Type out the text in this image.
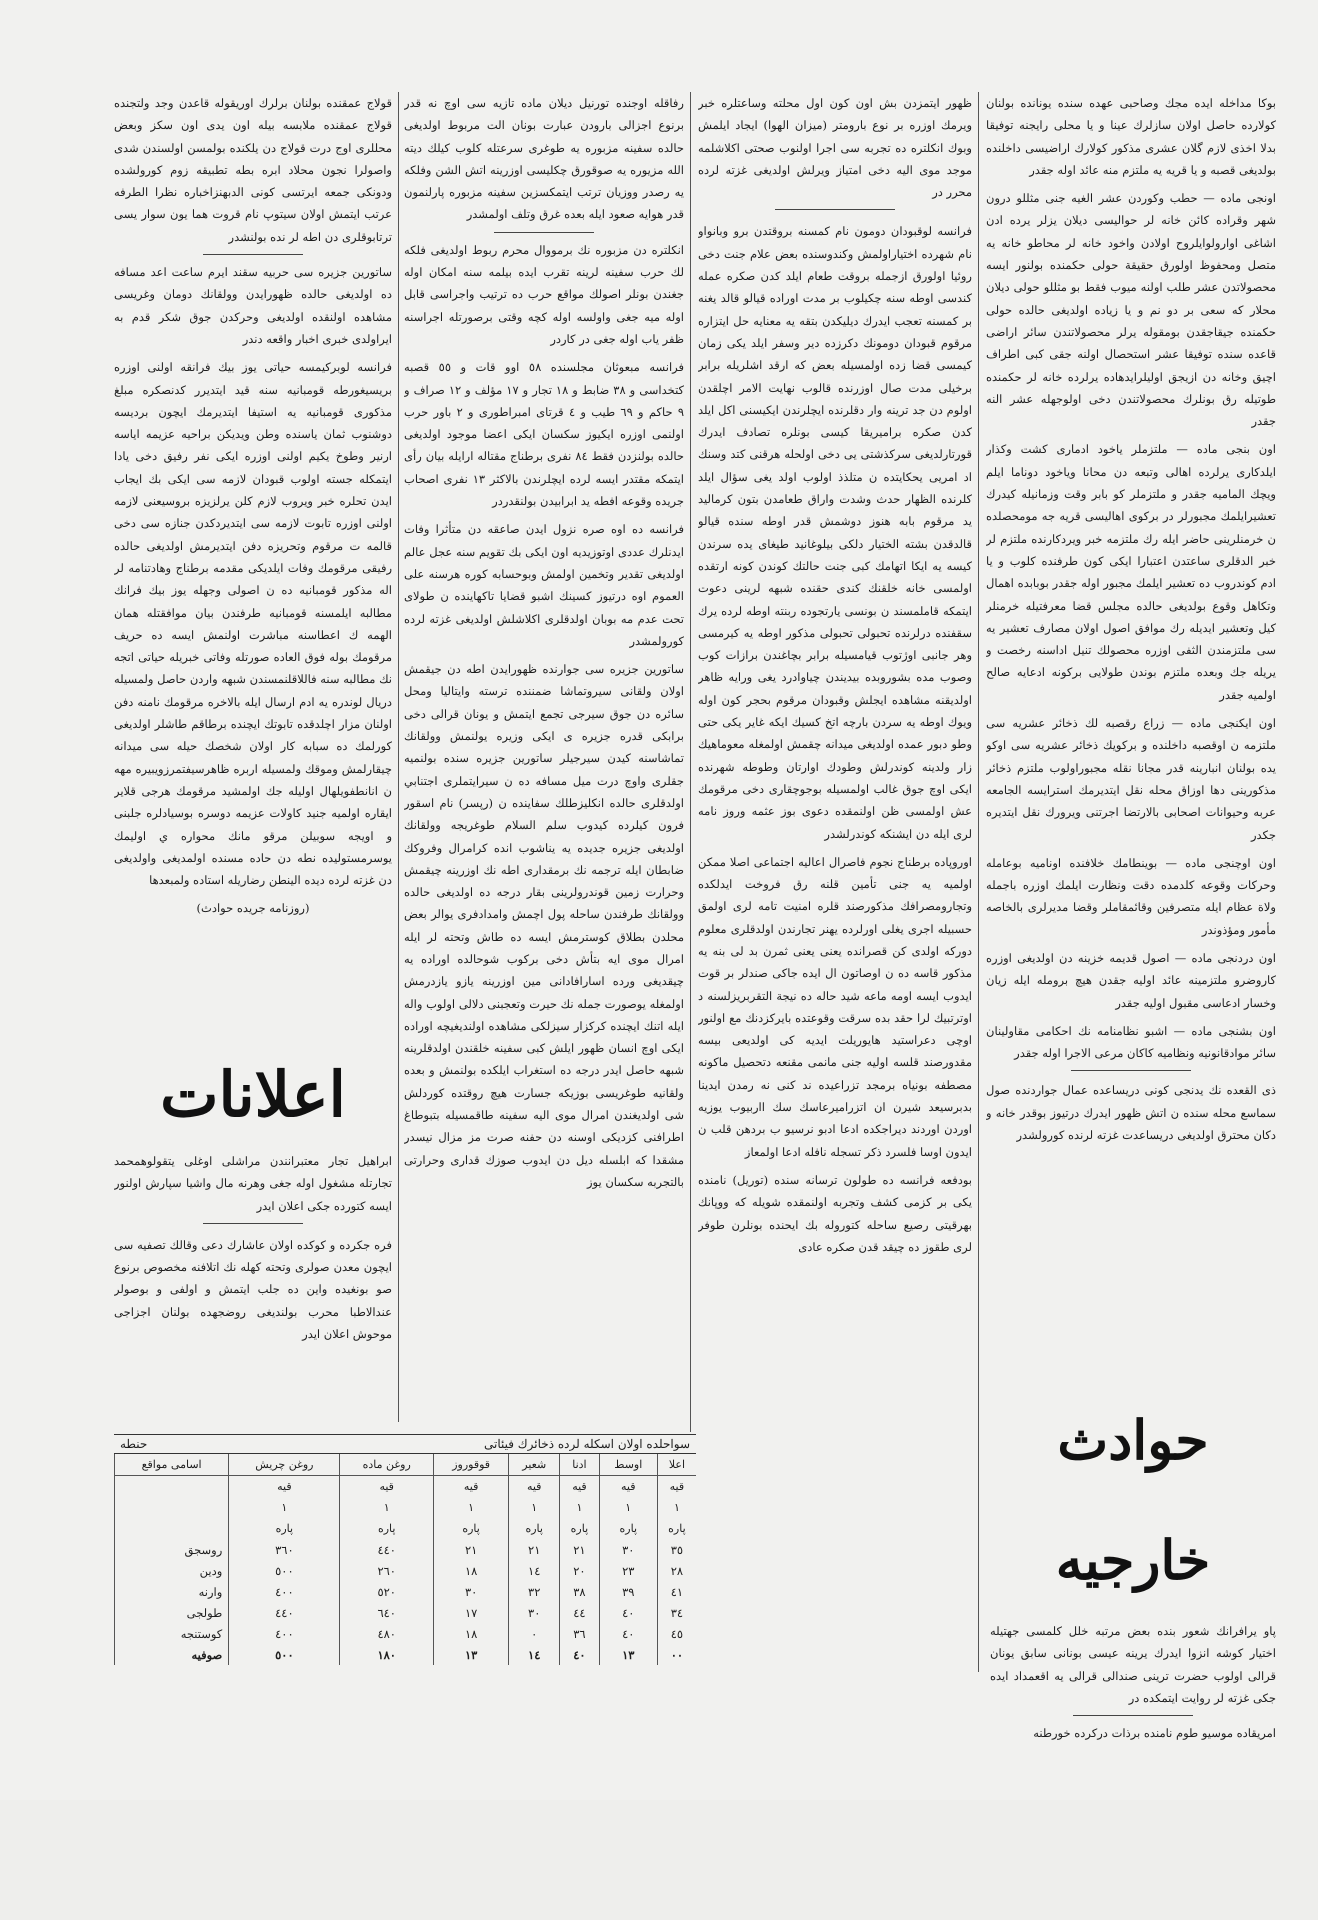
بوكا مداخله ايده مجك وصاحبى عهده سنده يونانده بولنان كولارده حاصل اولان سازلرك عينا و يا محلى رايجنه توفيقا بدلا اخذى لازم گلان عشرى مذكور كولارك اراضيسى داخلنده بولديغى قصبه و يا قريه يه ملتزم منه عائد اوله جقدر

اونجى ماده — حطب وكوردن عشر الغيه جنى مثللو درون شهر وقراده كائن خانه لر حواليسى ديلان يزلر يرده ادن اشاغى اوارولوايلروح اولادن واخود خانه لر محاطو خانه يه متصل ومحفوظ اولورق حقيقة حولى حكمنده بولنور ايسه محصولاتدن عشر طلب اولنه ميوب فقط بو مثللو حولى ديلان محلار كه سعى بر دو نم و يا زياده اولديغى حالده حولى حكمنده جيقاجقدن بومقوله يرلر محصولاتندن سائر اراضى قاعده سنده توفيقا عشر استحصال اولنه جقى كبى اطراف اچيق وخانه دن ازيجق اوليلرايدهاده يرلرده خانه لر حكمنده طوتيله رق بونلرك محصولاتندن دخى اولوجهله عشر النه جقدر

اون بنجى ماده — ملتزملر ياخود ادمارى كشت وكذار ايلدكارى يرلرده اهالى وتبعه دن محانا وياخود دوناما ايلم ويچك الماميه جقدر و ملتزملر كو بابر وقت وزمانيله كيدرك تعشيرايلمك مجبورلر در بركوى اهاليسى قريه جه مومحصلده ن خرمنلرينى حاضر ايله رك ملتزمه خبر ويردكارنده ملتزم لر خبر الدقلرى ساعتدن اعتبارا ايكى كون طرفنده كلوب و يا ادم كوندروب ده تعشير ايلمك مجبور اوله جقدر بوبابده اهمال وتكاهل وقوع بولديغى حالده مجلس قضا معرفتيله خرمنلر كيل وتعشير ايديله رك موافق اصول اولان مصارف تعشير يه سى ملتزمندن الثفى اوزره محصولك تنيل اداسنه رخصت و يريله جك وبعده ملتزم بوندن طولايى بركونه ادعايه صالح اولميه جقدر

اون ايكنجى ماده — زراع رقصبه لك ذخائر عشريه سى ملتزمه ن اوقصبه داخلنده و بركويك ذخائر عشريه سى اوكو يده بولنان انبارينه قدر مجانا نقله مجبوراولوب ملتزم ذخائر مذكورينى دها اوزاق محله نقل ايتديرمك استرايسه الجامعه عربه وحيوانات اصحابى بالارتضا اجرتنى ويرورك نقل ايتديره جكدر

اون اوچنجى ماده — بوينطامك خلافنده اوناميه بوعامله وحركات وقوعه كلدمده دقت ونظارت ايلمك اوزره باجمله ولاة عظام ايله متصرفين وقائمقاملر وقضا مديرلرى بالخاصه مأمور ومؤذوندر

اون دردنجى ماده — اصول قديمه خزينه دن اولديغى اوزره كاروضرو ملتزمينه عائد اوليه جقدن هيچ برومله ايله زيان وخسار ادعاسى مقبول اوليه جقدر

اون بشنجى ماده — اشبو نظامنامه نك احكامى مقاولينان سائر موادقانونيه ونظاميه كاكان مرعى الاجرا اوله جقدر

ذى القعده نك يدنجى كونى دريساعده عمال جواردنده صول سماسع محله سنده ن اتش ظهور ايدرك درتيوز بوقدر خانه و دكان محترق اولديغى دريساعدت غزته لرنده كورولشدر

حوادث خارجيه

پاو يرافرانك شعور بنده بعض مرتبه خلل كلمسى جهتيله اختيار كوشه انزوا ايدرك يرينه عيسى بونانى سابق يونان قرالى اولوب حضرت ترينى صندالى قرالى يه اقعمداد ايده جكى غزته لر روايت ايتمكده در

امريقاده موسيو طوم نامنده برذات دركرده خورطنه

ظهور ايتمزدن بش اون كون اول محلته وساعتلره خبر ويرمك اوزره بر نوع بارومتر (ميزان الهوا) ايجاد ايلمش وبوك انكلتره ده تجربه سى اجرا اولنوب صحتى اكلاشلمه موجد موى اليه دخى امتياز ويرلش اولديغى غزته لرده محرر در

فرانسه لوقبودان دومون نام كمسنه بروقتدن برو وبانواو نام شهرده اختياراولمش وكندوسنده بعض علام جنت دخى روئيا اولورق ازجمله بروقت طعام ايلد كدن صكره عمله كندسى اوطه سنه چكيلوب بر مدت اوراده قيالو قالد يغنه بر كمسنه تعجب ايدرك ديليكدن بتقه يه معنايه حل ايتزاره مرقوم قبودان دومونك دكرزده دير وسفر ايلد يكى زمان كيمسى قضا زده اولمسيله بعض كه ارقد اشلريله برابر برخيلى مدت صال اوزرنده قالوب نهايت الامر اچلقدن اولوم دن جد ترينه وار دقلرنده ايچلرندن ايكيسنى اكل ايلد كدن صكره براميريقا كيسى بونلره تصادف ايدرك قورتارلديغى سركذشتى يى دخى اولحله هرقنى كتد وسنك اد امريى يحكايتده ن متلذذ اولوب اولد يغى سؤال ايلد كلرنده الظهار حدث وشدت واراق طعامدن بتون كرماليد يد مرقوم بابه هنوز دوشمش قدر اوطه سنده قيالو قالدقدن بشته الختيار دلكى بيلوغانيد طيغاى يده سرندن كيسه يه ايكا اتهامك كبى جنت حالتك كوندن كونه ارتقده اولمسى خانه خلقنك كندى حقنده شبهه لرينى دعوت ايتمكه قاملمسند ن بونسى يارتجوده ربنته اوطه لرده يرك سقفنده درلرنده تحبولى تحبولى مذكور اوطه يه كيرمسى وهر جانبى اوژتوب قيامسيله برابر بچاغندن برازات كوب وصوب مده بشوروبده بيديندن چياوادرد يغى ورايه ظاهر اولديقنه مشاهده ايجلش وقبودان مرقوم بحجر كون اوله ويوك اوطه يه سردن بارچه اتخ كسيك ايكه غاير يكى حتى وطو دبور عمده اولديغى ميدانه چقمش اولمغله معوماهيك زار ولدينه كوندرلش وطودك اوارتان وطوطه شهرنده ايكى اوچ جوق غالب اولمسيله بوجوچقارى دخى مرقومك عش اولمسى ظن اولنمقده دعوى بوز عثمه وروز نامه لرى ايله دن ايشنكه كوندرلشدر

اوروپاده برطناج نجوم فاصرال اعاليه اجتماعى اصلا ممكن اولميه يه جنى تأمين قلنه رق فروخت ايدلكده وتجارومصرافك مذكورصند قلره امنيت تامه لرى اولمق حسبيله اجرى يغلى اورلرده يهنر تجارندن اولدقلرى معلوم دوركه اولدى كن قصرانده يعنى يعنى ثمرن بد لى بنه يه مذكور قاسه ده ن اوصاتون ال ايده جاكى صندلر بر قوت ايدوب ايسه اومه ماعه شيد حاله ده نيجة التقربريزلسنه د اوترتبيك لرا حقد بده سرقت وقوعتده بايركزدنك مع اولنور اوچى دعراستيد هايوريلت ايديه كى اولديعى بيسه مقدورصند قلسه اوليه جنى مانمى مقنعه دتحصيل ماكونه مصطفه بونياه برمجد تزراعيده ند كنى نه رمدن ايدينا بدبرسيعد شيرن ان اتزراميرعاسك سك ااربيوب يوزيه اوردن اوردند ديراجكده ادعا ادبو نرسيو ب بردهن قلب ن ايدون اوسا فلسرد ذكر تسجله نافله ادعا اولمعاز

بودفعه فرانسه ده طولون ترسانه سنده (توريل) نامنده يكى بر كزمى كشف وتجربه اولنمقده شويله كه ووپانك بهرقيتى رصيع ساحله كتوروله بك ايحنده بونلرن طوفر لرى طقوز ده چيقد قدن صكره عادى

رفاقله اوجنده تورنيل ديلان ماده تازيه سى اوچ نه قدر برنوع اجزالى بارودن عبارت بونان الت مربوط اولديغى حالده سفينه مزبوره يه طوغرى سرعتله كلوب كيلك ديته الله مزيوره يه صوقورق چكليسى اوزرينه اتش الشن وفلكه يه رصدر ووزيان ترتب ايتمكسزين سفينه مزبوره پارلنمون قدر هوايه صعود ايله بعده غرق وتلف اولمشدر

انكلتره دن مزبوره نك برمووال محرم ربوط اولديغى فلكه لك حرب سفينه لرينه تقرب ايده بيلمه سنه امكان اوله جغندن بونلر اصولك مواقع حرب ده ترتيب واجراسى قابل اوله ميه جغى واولسه اوله كچه وقتى برصورتله اجراسنه ظفر ياب اوله جغى در كاردر

فرانسه مبعوثان مجلسنده ٥٨ اوو قات و ٥٥ قصبه كتخداسى و ٣٨ ضابط و ١٨ تجار و ١٧ مؤلف و ١٢ صراف و ٩ حاكم و ٦٩ طيب و ٤ قرتاى امبراطورى و ٢ باور حرب اولنمى اوزره ايكيوز سكسان ايكى اعضا موجود اولديغى حالده بولنزدن فقط ٨٤ نفرى برطناج مقتاله ارايله بيان رأى ايتمكه مقتدر ايسه لرده ايچلرندن بالاكثر ١٣ نفرى اصحاب جريده وقوعه افطه يد ابرابيدن بولنقدردر

فرانسه ده اوه صره نزول ايدن صاعقه دن متأثرا وفات ايدنلرك عددى اوتوزيديه اون ايكى بك تقويم سنه عجل عالم اولديغى تقدير وتخمين اولمش وبوحسابه كوره هرسنه على العموم اوه درتيوز كسينك اشبو قضايا تاكهاينده ن طولاى تحت عدم مه بوبان اولدقلرى اكلاشلش اولديغى غزته لرده كورولمشدر

ساتورين جزيره سى جوارنده ظهورايدن اطه دن جيقمش اولان ولقانى سيروتماشا ضمننده ترسته وايتاليا ومحل سائره دن جوق سيرجى تجمع ايتمش و يونان قرالى دخى برابكى قدره جزيره ى ايكى وزيره يولنمش وولقانك تماشاسنه كيدن سيرجيلر ساتورين جزيره سنده بولنميه جقلرى واوچ درت ميل مسافه ده ن سيرايتملرى اجتنابي اولدقلرى حالده انكليزطلك سفاينده ن (رپسر) نام اسقور فرون كيلرده كيدوب سلم السلام طوغريجه وولقانك اولديغى جزيره جديده يه يناشوب انده كرامرال وفروكك ضابطان ايله ترجمه نك برمقدارى اطه نك اوزرينه چيقمش وحرارت زمين قوندرولرينى بقار درجه ده اولديغى حالده وولقانك طرفندن ساحله پول اچمش وامدادفرى يوالر بعض محلدن بطلاق كوسترمش ايسه ده طاش وتحته لر ايله امرال موى ايه بتأش دخى بركوب شوحالده اوراده يه چيقديغى ورده اسارافادانى مين اوزرينه يازو يازدرمش اولمغله يوصورت جمله نك حيرت وتعجبنى دلالى اولوب واله ايله اتنك ايچنده كركزار سيزلكى مشاهده اولنديغيچه اوراده ايكى اوچ انسان ظهور ايلش كبى سفينه خلقندن اولدقلرينه شبهه حاصل ايدر درجه ده استغراب ايلكده بولنمش و بعده ولقانيه طوغريسى بوزيكه جسارت هيچ روقتده كوردلش شى اولديغندن امرال موى اليه سفينه طاقمسيله بتبوطاغ اطرافنى كزديكى اوسنه دن حفنه صرت مز مزال نيسدر مشقدا كه ابلسله ديل دن ايدوب صوزك قدارى وحرارتى بالتجربه سكسان يوز

قولاج عمقنده بولنان برلرك اوريقوله قاعدن وجد ولتجنده قولاج عمقنده ملابسه بيله اون يدى اون سكز وبعض محللرى اوج درت قولاج دن يلكنده بولمسن اولسندن شدى واصولرا نجون محلاد ابره بطه تطبيقه زوم كورولشده ودونكى جمعه ايرتسى كونى الدبهنزاخباره نظرا الطرفه عرتب ايتمش اولان سيتوپ نام قروت هما يون سوار يسى ترتابوقلرى دن اطه لر نده بولنشدر

ساتورين جزيره سى حربيه سقند ايرم ساعت اعد مسافه ده اولديغى حالده ظهورايدن وولقانك دومان وغريسى مشاهده اولنقده اولديغى وحركدن جوق شكر قدم به ايراولدى خبرى اخبار واقعه دندر

فرانسه لوبركيمسه حياتى يوز بيك فرانقه اولنى اوزره بريسيغورطه قومبانيه سنه قيد ايتديرر كدنصكره مبلغ مذكورى قومبانيه يه استيفا ايتديرمك ايچون برديسه دوشنوب ثمان ياسنده وطن ويديكن براحيه عزيمه اياسه ارنير وطوخ يكيم اولنى اوزره ايكى نفر رفيق دخى يادا ايتمكله جسته اولوب قبودان لازمه سى ايكى بك ايجاب ايدن تحلره خبر ويروب لازم كلن يرلزيزه بروسيعنى لازمه اولنى اوزره تابوت لازمه سى ايتديردكدن جنازه سى دخى قالمه ت مرقوم وتحريزه دفن ايتديرمش اولديغى حالده رفيقى مرقومك وفات ايلديكى مقدمه برطناج وهادتنامه لر اله مذكور قومبانيه ده ن اصولى وجهله يوز بيك فرانك مطالبه ايلمسنه قومبانيه طرفندن بيان موافقتله همان الهمه ك اعطاسنه مباشرت اولنمش ايسه ده حريف مرقومك بوله فوق العاده صورتله وفاتى خبريله حياتى اتجه نك مطالبه سنه فاللاقلنمسندن شبهه واردن حاصل ولمسيله دريال لوندره يه ادم ارسال ايله بالاخره مرقومك نامنه دفن اولنان مزار اچلدقده تابوتك ايچنده برطاقم طاشلر اولديغى كورلمك ده سبابه كار اولان شخصك حيله سى ميدانه چيقارلمش وموقك ولمسيله اربره ظاهرسيفتمرزويبيره مهه ن انانطفويلهال اوليله جك اولمشيد مرقومك هرجى قلاير ايقاره اولميه جنيد كاولات عزيمه دوسره بوسيادلره جلبنى و اويجه سوبيلن مرقو مانك محواره ي اوليمك يوسرمستوليده نطه دن حاده مسنده اولمديغى واولديغى دن غزته لرده ديده الينطن رضاريله استاده ولمبعدها

(روزنامه جريده حوادث)

اعلانات

ابراهيل تجار معتبرانندن مراشلى اوغلى يتقولوهمحمد تجارتله مشغول اوله جغى وهرنه مال واشيا سپارش اولنور ايسه كتورده جكى اعلان ايدر

فره جكرده و كوكده اولان عاشارك دعى وقالك تصفيه سى ايچون معدن صولرى وتحته كهله نك اتلافنه مخصوص برنوع صو بونغيده واين ده جلب ايتمش و اولفى و بوصولر عندالاطبا محرب بولنديغى روضجهده بولنان اجزاجى موحوش اعلان ايدر

سواحلده اولان اسكله لرده ذخائرك فيئاتى
حنطه
اعلا	اوسط	ادنا	شعير	قوقوروز	روغن ماده	روغن چريش	اسامى مواقع
قيه	قيه	قيه	قيه	قيه	قيه	قيه	
١	١	١	١	١	١	١	
پاره	پاره	پاره	پاره	پاره	پاره	پاره	
٣٥	٣٠	٢١	٢١	٢١	٤٤٠	٣٦٠	روسجق
٢٨	٢٣	٢٠	١٤	١٨	٢٦٠	٥٠٠	ودين
٤١	٣٩	٣٨	٣٢	٣٠	٥٢٠	٤٠٠	وارنه
٣٤	٤٠	٤٤	٣٠	١٧	٦٤٠	٤٤٠	طولجى
٤٥	٤٠	٣٦	٠	١٨	٤٨٠	٤٠٠	كوستنجه
٠٠	١٣	٤٠	١٤	١٣	١٨٠	٥٠٠	صوفيه
